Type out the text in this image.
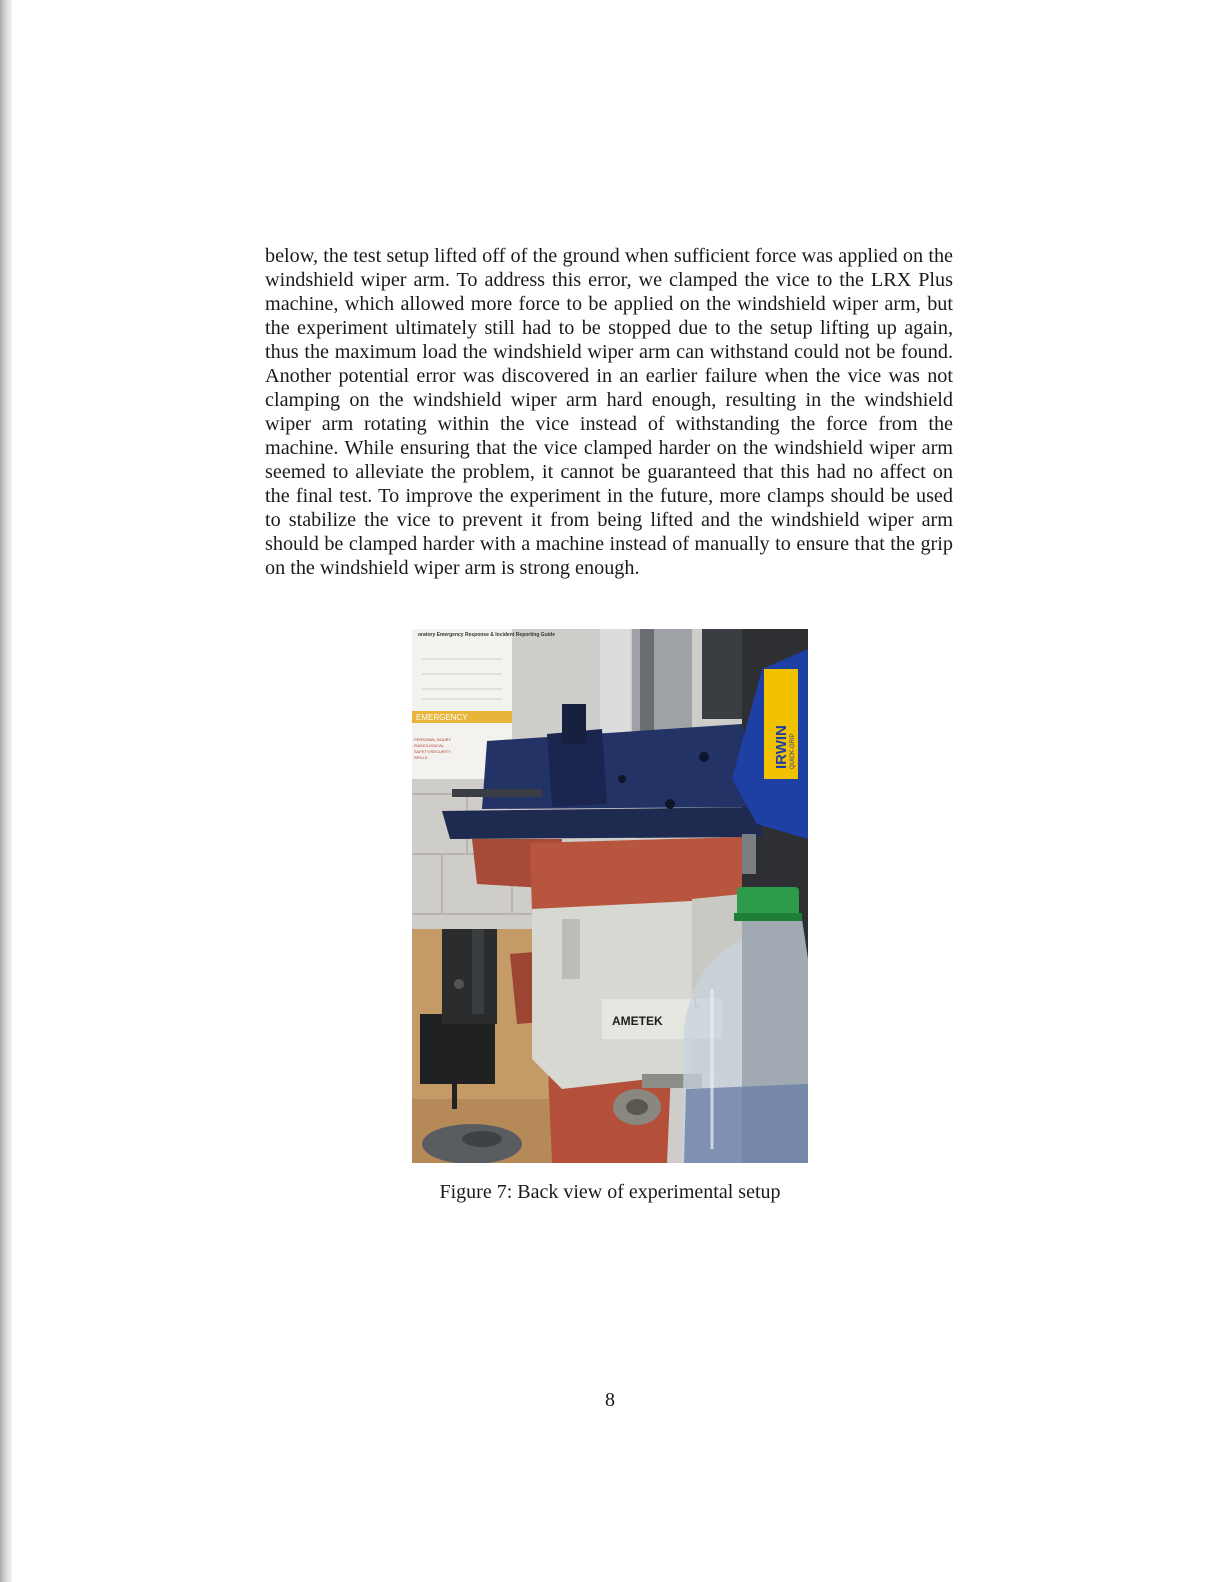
below, the test setup lifted off of the ground when sufficient force was applied on the windshield wiper arm. To address this error, we clamped the vice to the LRX Plus machine, which allowed more force to be applied on the windshield wiper arm, but the experiment ultimately still had to be stopped due to the setup lifting up again, thus the maximum load the windshield wiper arm can withstand could not be found. Another potential error was discovered in an earlier failure when the vice was not clamping on the windshield wiper arm hard enough, resulting in the windshield wiper arm rotating within the vice instead of withstanding the force from the machine. While ensuring that the vice clamped harder on the windshield wiper arm seemed to alleviate the problem, it cannot be guaranteed that this had no affect on the final test. To improve the experiment in the future, more clamps should be used to stabilize the vice to prevent it from being lifted and the windshield wiper arm should be clamped harder with a machine instead of manually to ensure that the grip on the windshield wiper arm is strong enough.

oratory Emergency Response & Incident Reporting Guide
EMERGENCY
PERSONAL INJURY
RADIOLOGICAL
SAFETY/SECURITY
SPILLS
AMETEK
IRWIN QUICK-GRIP
Figure 7: Back view of experimental setup
8
